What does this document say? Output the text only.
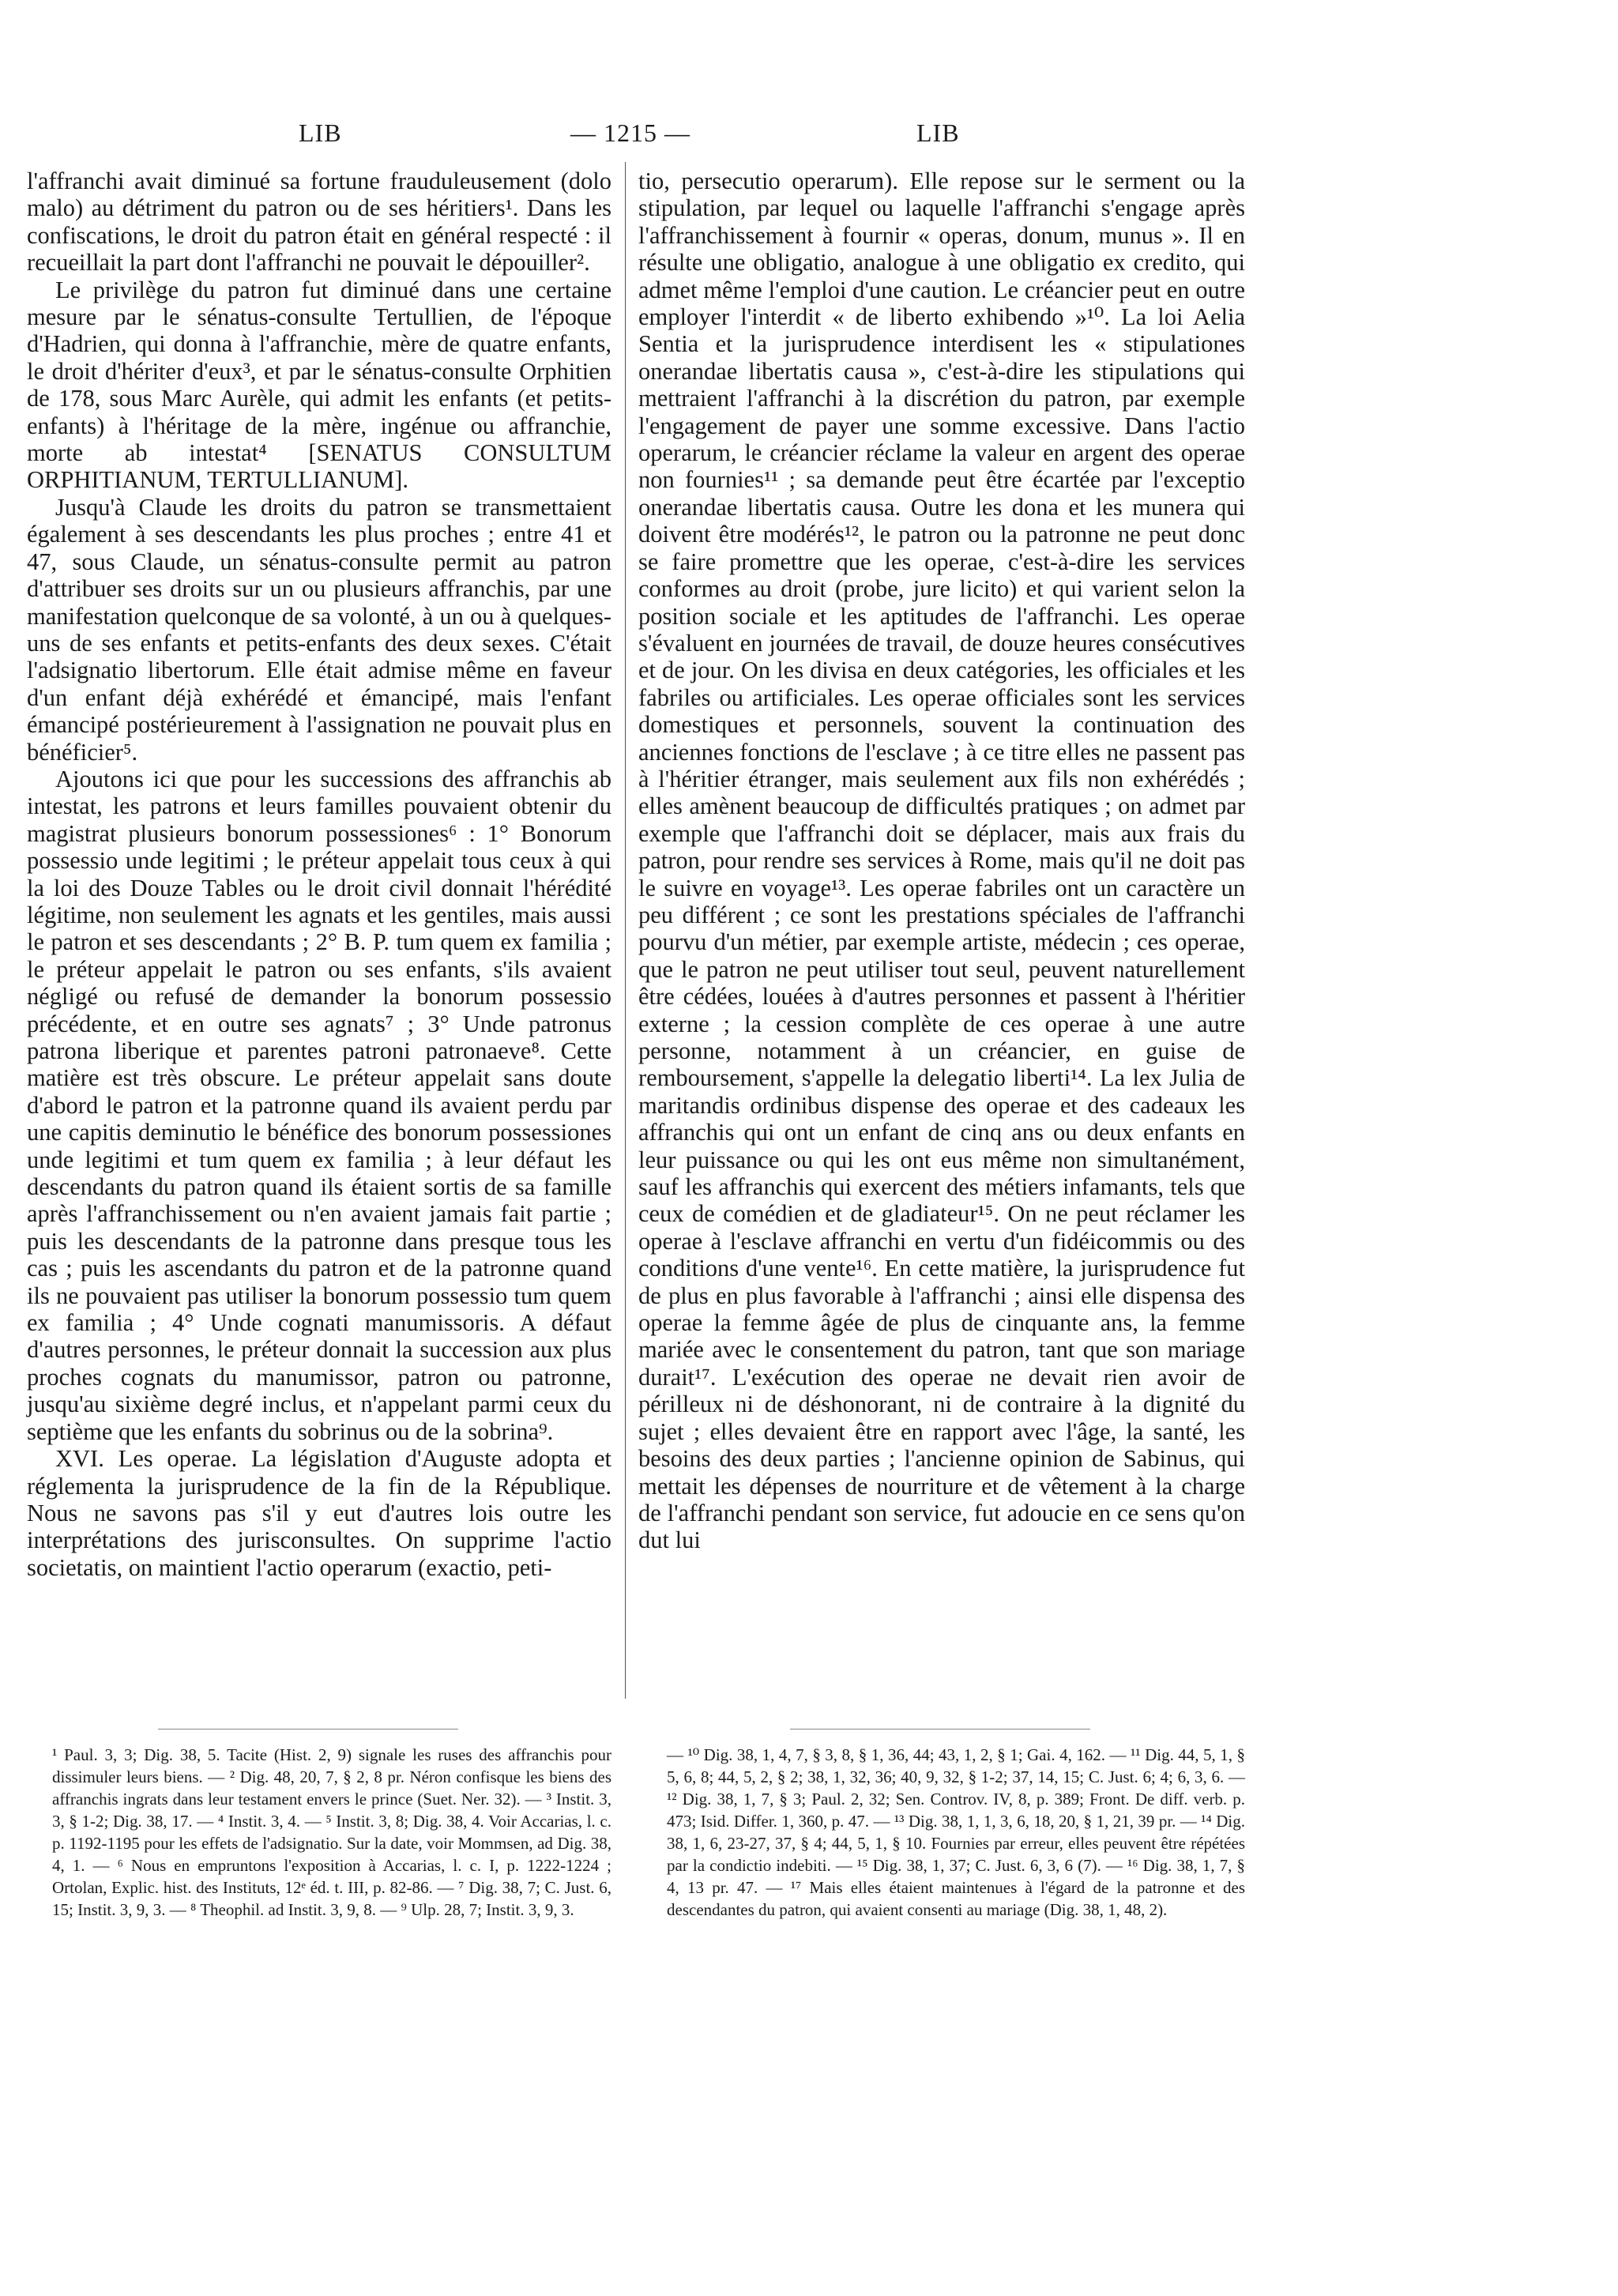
LIB	— 1215 —	LIB

l'affranchi avait diminué sa fortune frauduleusement (dolo malo) au détriment du patron ou de ses héritiers¹. Dans les confiscations, le droit du patron était en général respecté : il recueillait la part dont l'affranchi ne pouvait le dépouiller².

Le privilège du patron fut diminué dans une certaine mesure par le sénatus-consulte Tertullien, de l'époque d'Hadrien, qui donna à l'affranchie, mère de quatre enfants, le droit d'hériter d'eux³, et par le sénatus-consulte Orphitien de 178, sous Marc Aurèle, qui admit les enfants (et petits-enfants) à l'héritage de la mère, ingénue ou affranchie, morte ab intestat⁴ [SENATUS CONSULTUM ORPHITIANUM, TERTULLIANUM].

Jusqu'à Claude les droits du patron se transmettaient également à ses descendants les plus proches ; entre 41 et 47, sous Claude, un sénatus-consulte permit au patron d'attribuer ses droits sur un ou plusieurs affranchis, par une manifestation quelconque de sa volonté, à un ou à quelques-uns de ses enfants et petits-enfants des deux sexes. C'était l'adsignatio libertorum. Elle était admise même en faveur d'un enfant déjà exhérédé et émancipé, mais l'enfant émancipé postérieurement à l'assignation ne pouvait plus en bénéficier⁵.

Ajoutons ici que pour les successions des affranchis ab intestat, les patrons et leurs familles pouvaient obtenir du magistrat plusieurs bonorum possessiones⁶ : 1° Bonorum possessio unde legitimi ; le préteur appelait tous ceux à qui la loi des Douze Tables ou le droit civil donnait l'hérédité légitime, non seulement les agnats et les gentiles, mais aussi le patron et ses descendants ; 2° B. P. tum quem ex familia ; le préteur appelait le patron ou ses enfants, s'ils avaient négligé ou refusé de demander la bonorum possessio précédente, et en outre ses agnats⁷ ; 3° Unde patronus patrona liberique et parentes patroni patronaeve⁸. Cette matière est très obscure. Le préteur appelait sans doute d'abord le patron et la patronne quand ils avaient perdu par une capitis deminutio le bénéfice des bonorum possessiones unde legitimi et tum quem ex familia ; à leur défaut les descendants du patron quand ils étaient sortis de sa famille après l'affranchissement ou n'en avaient jamais fait partie ; puis les descendants de la patronne dans presque tous les cas ; puis les ascendants du patron et de la patronne quand ils ne pouvaient pas utiliser la bonorum possessio tum quem ex familia ; 4° Unde cognati manumissoris. A défaut d'autres personnes, le préteur donnait la succession aux plus proches cognats du manumissor, patron ou patronne, jusqu'au sixième degré inclus, et n'appelant parmi ceux du septième que les enfants du sobrinus ou de la sobrina⁹.

XVI. Les operae. La législation d'Auguste adopta et réglementa la jurisprudence de la fin de la République. Nous ne savons pas s'il y eut d'autres lois outre les interprétations des jurisconsultes. On supprime l'actio societatis, on maintient l'actio operarum (exactio, peti-

tio, persecutio operarum). Elle repose sur le serment ou la stipulation, par lequel ou laquelle l'affranchi s'engage après l'affranchissement à fournir « operas, donum, munus ». Il en résulte une obligatio, analogue à une obligatio ex credito, qui admet même l'emploi d'une caution. Le créancier peut en outre employer l'interdit « de liberto exhibendo »¹⁰. La loi Aelia Sentia et la jurisprudence interdisent les « stipulationes onerandae libertatis causa », c'est-à-dire les stipulations qui mettraient l'affranchi à la discrétion du patron, par exemple l'engagement de payer une somme excessive. Dans l'actio operarum, le créancier réclame la valeur en argent des operae non fournies¹¹ ; sa demande peut être écartée par l'exceptio onerandae libertatis causa. Outre les dona et les munera qui doivent être modérés¹², le patron ou la patronne ne peut donc se faire promettre que les operae, c'est-à-dire les services conformes au droit (probe, jure licito) et qui varient selon la position sociale et les aptitudes de l'affranchi. Les operae s'évaluent en journées de travail, de douze heures consécutives et de jour. On les divisa en deux catégories, les officiales et les fabriles ou artificiales. Les operae officiales sont les services domestiques et personnels, souvent la continuation des anciennes fonctions de l'esclave ; à ce titre elles ne passent pas à l'héritier étranger, mais seulement aux fils non exhérédés ; elles amènent beaucoup de difficultés pratiques ; on admet par exemple que l'affranchi doit se déplacer, mais aux frais du patron, pour rendre ses services à Rome, mais qu'il ne doit pas le suivre en voyage¹³. Les operae fabriles ont un caractère un peu différent ; ce sont les prestations spéciales de l'affranchi pourvu d'un métier, par exemple artiste, médecin ; ces operae, que le patron ne peut utiliser tout seul, peuvent naturellement être cédées, louées à d'autres personnes et passent à l'héritier externe ; la cession complète de ces operae à une autre personne, notamment à un créancier, en guise de remboursement, s'appelle la delegatio liberti¹⁴. La lex Julia de maritandis ordinibus dispense des operae et des cadeaux les affranchis qui ont un enfant de cinq ans ou deux enfants en leur puissance ou qui les ont eus même non simultanément, sauf les affranchis qui exercent des métiers infamants, tels que ceux de comédien et de gladiateur¹⁵. On ne peut réclamer les operae à l'esclave affranchi en vertu d'un fidéicommis ou des conditions d'une vente¹⁶. En cette matière, la jurisprudence fut de plus en plus favorable à l'affranchi ; ainsi elle dispensa des operae la femme âgée de plus de cinquante ans, la femme mariée avec le consentement du patron, tant que son mariage durait¹⁷. L'exécution des operae ne devait rien avoir de périlleux ni de déshonorant, ni de contraire à la dignité du sujet ; elles devaient être en rapport avec l'âge, la santé, les besoins des deux parties ; l'ancienne opinion de Sabinus, qui mettait les dépenses de nourriture et de vêtement à la charge de l'affranchi pendant son service, fut adoucie en ce sens qu'on dut lui

¹ Paul. 3, 3; Dig. 38, 5. Tacite (Hist. 2, 9) signale les ruses des affranchis pour dissimuler leurs biens. — ² Dig. 48, 20, 7, § 2, 8 pr. Néron confisque les biens des affranchis ingrats dans leur testament envers le prince (Suet. Ner. 32). — ³ Instit. 3, 3, § 1-2; Dig. 38, 17. — ⁴ Instit. 3, 4. — ⁵ Instit. 3, 8; Dig. 38, 4. Voir Accarias, l. c. p. 1192-1195 pour les effets de l'adsignatio. Sur la date, voir Mommsen, ad Dig. 38, 4, 1. — ⁶ Nous en empruntons l'exposition à Accarias, l. c. I, p. 1222-1224 ; Ortolan, Explic. hist. des Instituts, 12ᵉ éd. t. III, p. 82-86. — ⁷ Dig. 38, 7; C. Just. 6, 15; Instit. 3, 9, 3. — ⁸ Theophil. ad Instit. 3, 9, 8. — ⁹ Ulp. 28, 7; Instit. 3, 9, 3.
— ¹⁰ Dig. 38, 1, 4, 7, § 3, 8, § 1, 36, 44; 43, 1, 2, § 1; Gai. 4, 162. — ¹¹ Dig. 44, 5, 1, § 5, 6, 8; 44, 5, 2, § 2; 38, 1, 32, 36; 40, 9, 32, § 1-2; 37, 14, 15; C. Just. 6; 4; 6, 3, 6. — ¹² Dig. 38, 1, 7, § 3; Paul. 2, 32; Sen. Controv. IV, 8, p. 389; Front. De diff. verb. p. 473; Isid. Differ. 1, 360, p. 47. — ¹³ Dig. 38, 1, 1, 3, 6, 18, 20, § 1, 21, 39 pr. — ¹⁴ Dig. 38, 1, 6, 23-27, 37, § 4; 44, 5, 1, § 10. Fournies par erreur, elles peuvent être répétées par la condictio indebiti. — ¹⁵ Dig. 38, 1, 37; C. Just. 6, 3, 6 (7). — ¹⁶ Dig. 38, 1, 7, § 4, 13 pr. 47. — ¹⁷ Mais elles étaient maintenues à l'égard de la patronne et des descendantes du patron, qui avaient consenti au mariage (Dig. 38, 1, 48, 2).
